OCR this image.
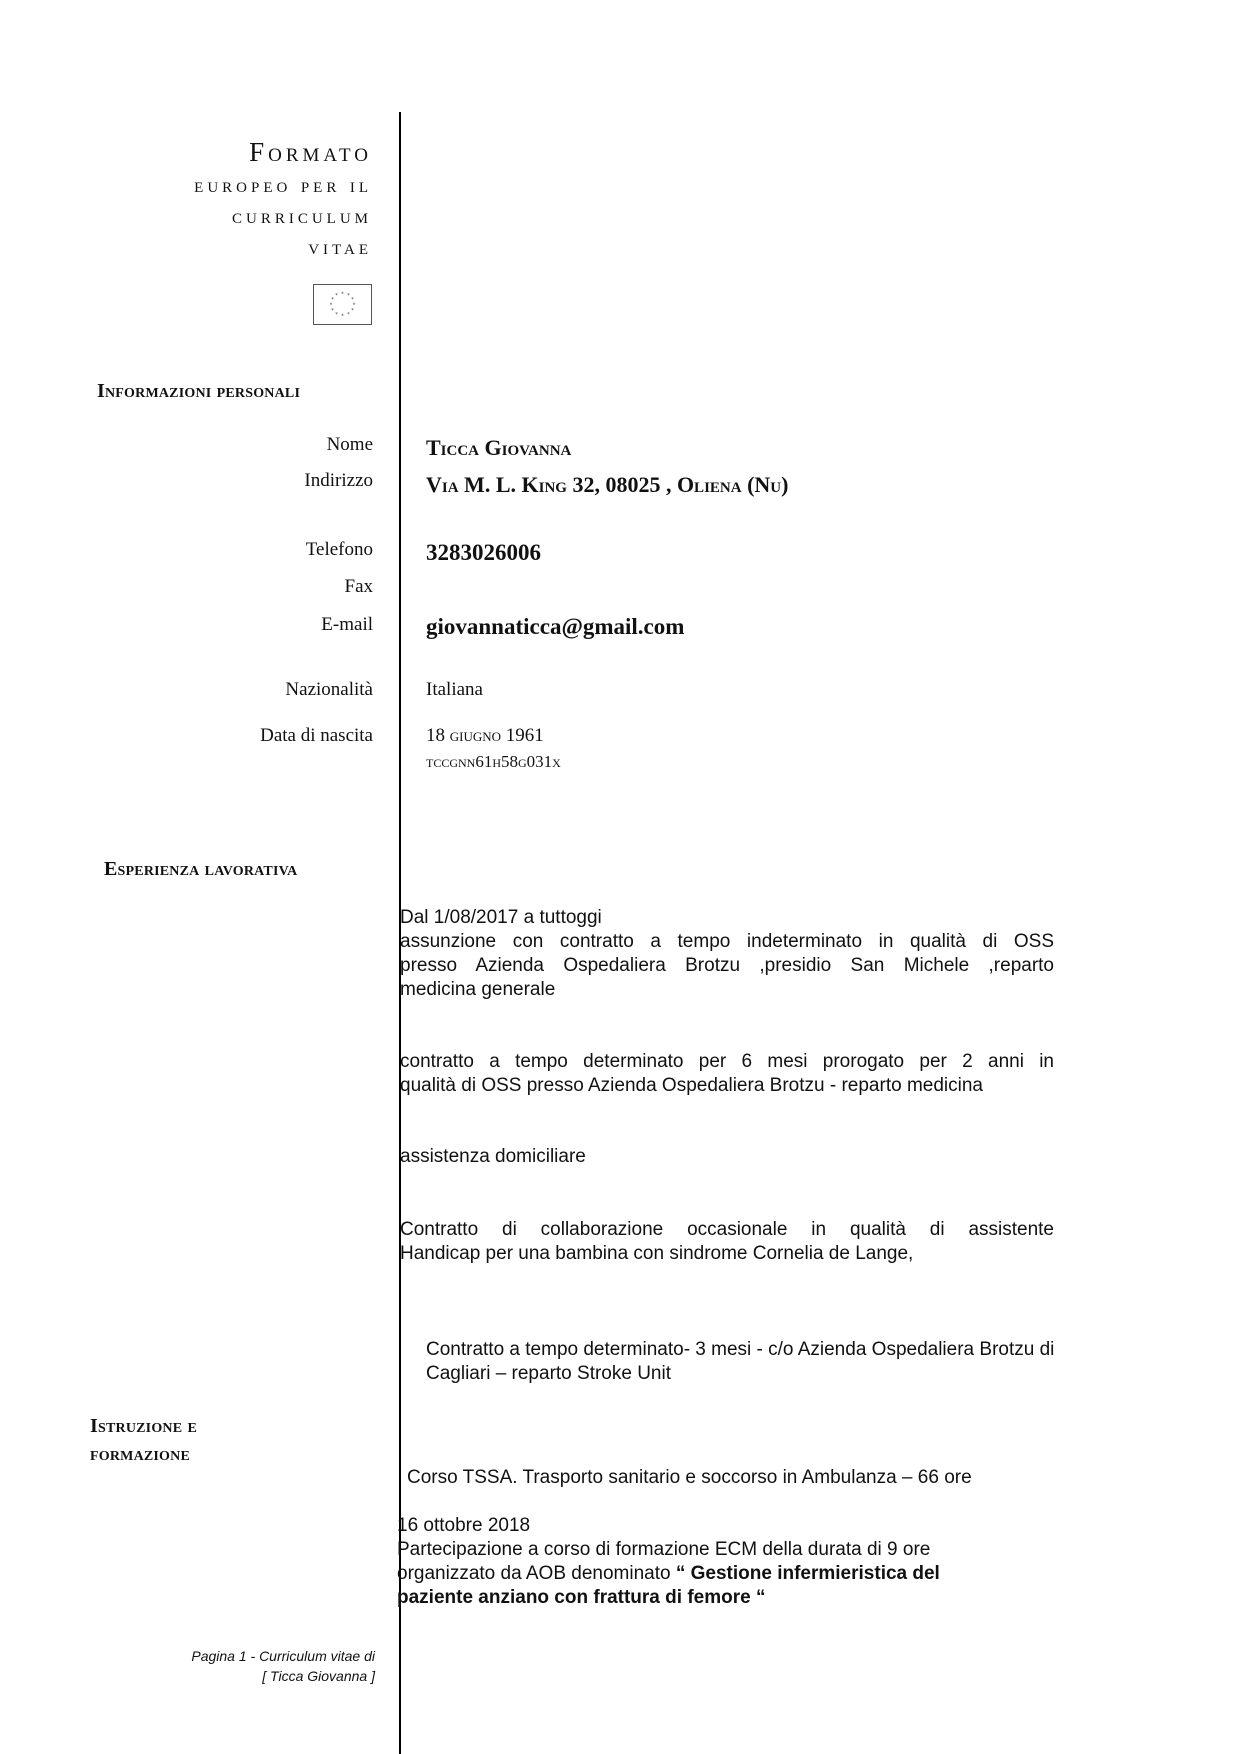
Formato
europeo per il
curriculum
vitae
* *
*
*
*
*
*
*
*
*
*
*
Informazioni personali
Nome Ticca Giovanna
Indirizzo Via M. L. King 32, 08025 , Oliena (Nu)
Telefono 3283026006
Fax
E-mail giovannaticca@gmail.com
Nazionalità	Italiana
Data di nascita	18 giugno 1961
tccgnn61h58g031x
Esperienza lavorativa
Dal 1/08/2017 a tuttoggi
assunzione con contratto a tempo indeterminato in qualità di OSS
presso Azienda Ospedaliera Brotzu ,presidio San Michele ,reparto
medicina generale
contratto a tempo determinato per 6 mesi prorogato per 2 anni in
qualità di OSS presso Azienda Ospedaliera Brotzu - reparto medicina
assistenza domiciliare
Contratto di collaborazione occasionale in qualità di assistente
Handicap per una bambina con sindrome Cornelia de Lange,
Contratto a tempo determinato- 3 mesi - c/o Azienda Ospedaliera Brotzu di
Cagliari – reparto Stroke Unit
Istruzione e
formazione
Corso TSSA. Trasporto sanitario e soccorso in Ambulanza – 66 ore
16 ottobre 2018
Partecipazione a corso di formazione ECM della durata di 9 ore
organizzato da AOB denominato “ Gestione infermieristica del
paziente anziano con frattura di femore “
Pagina 1 - Curriculum vitae di
[ Ticca Giovanna ]
